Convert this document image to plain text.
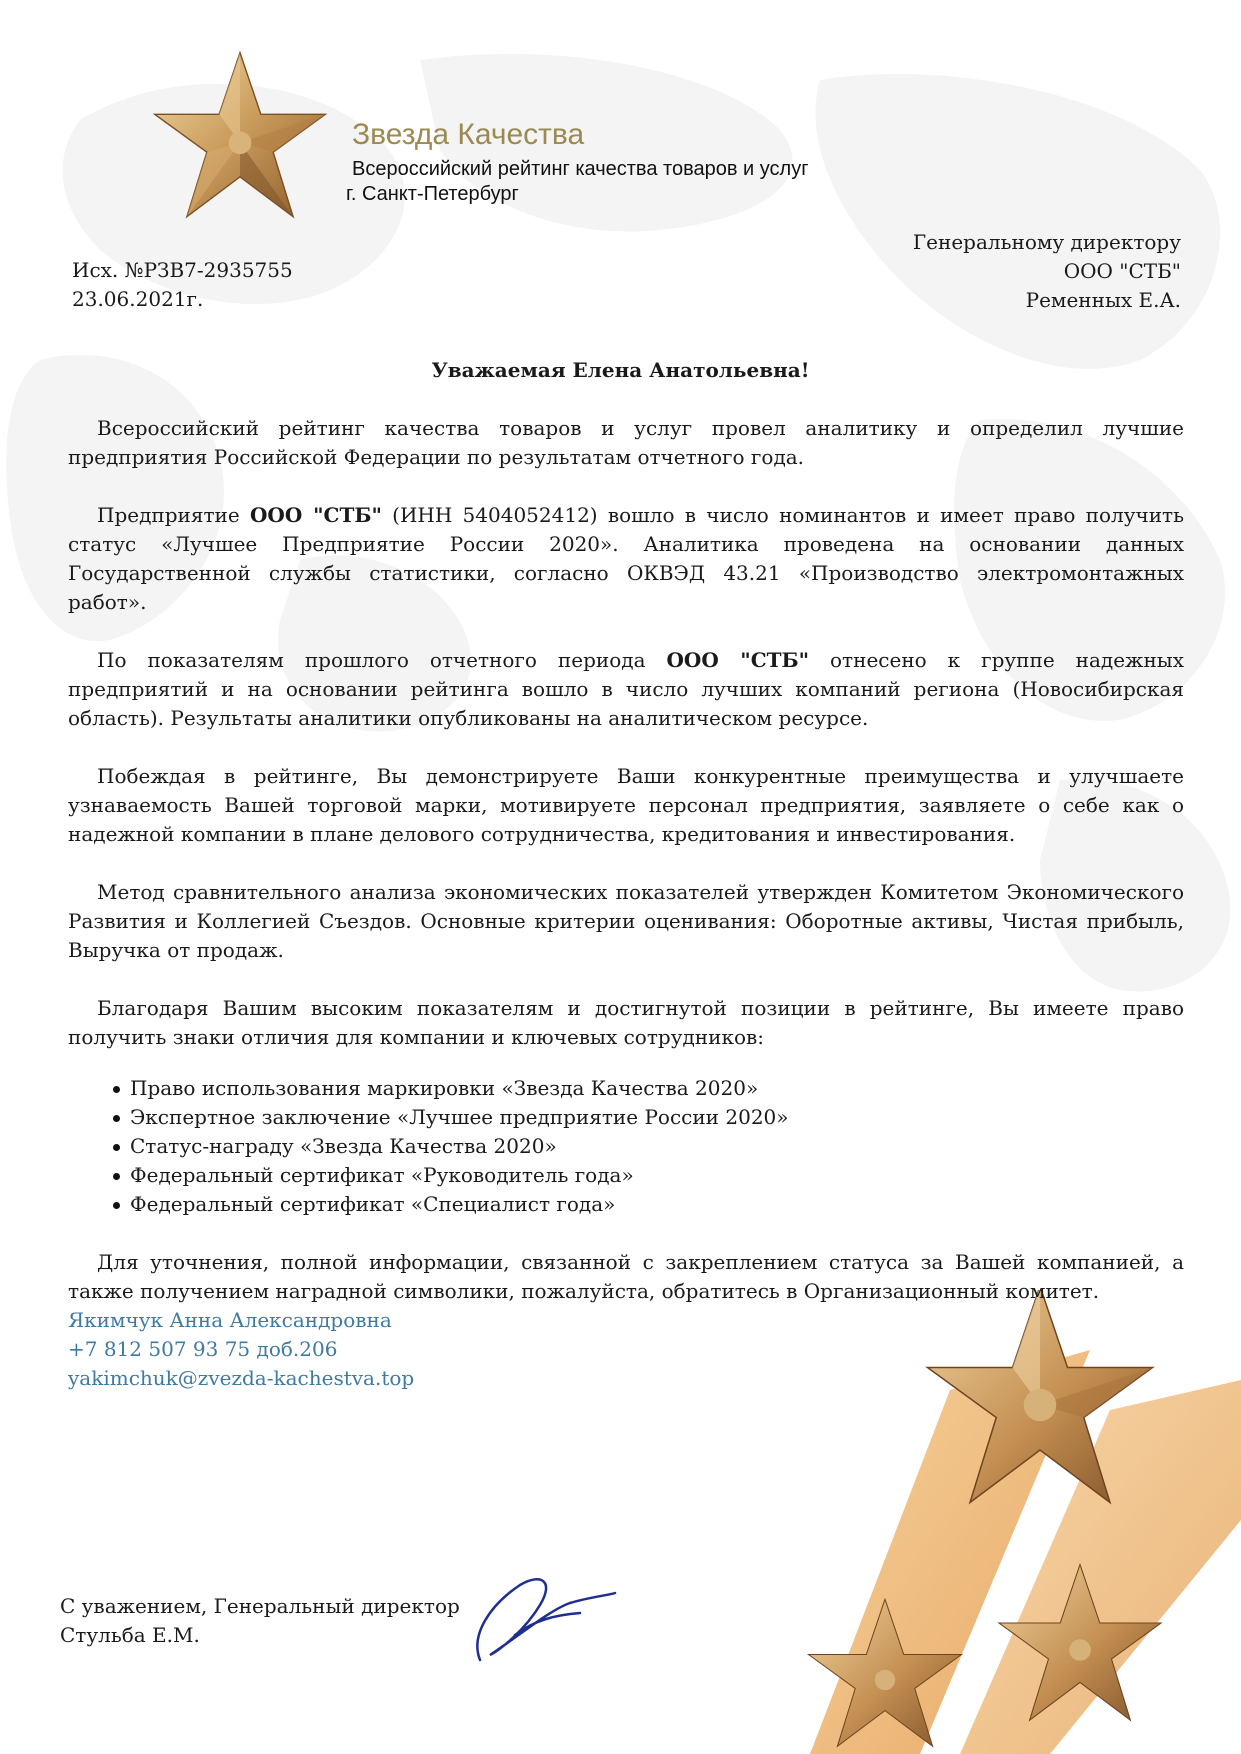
Звезда Качества
Всероссийский рейтинг качества товаров и услуг
г. Санкт-Петербург
Исх. №РЗВ7-2935755
23.06.2021г.
Генеральному директору
ООО "СТБ"
Ременных Е.А.
Уважаемая Елена Анатольевна!

Всероссийский рейтинг качества товаров и услуг провел аналитику и определил лучшие предприятия Российской Федерации по результатам отчетного года.

Предприятие ООО "СТБ" (ИНН 5404052412) вошло в число номинантов и имеет право получить статус «Лучшее Предприятие России 2020». Аналитика проведена на основании данных Государственной службы статистики, согласно ОКВЭД 43.21 «Производство электромонтажных работ».

По показателям прошлого отчетного периода ООО "СТБ" отнесено к группе надежных предприятий и на основании рейтинга вошло в число лучших компаний региона (Новосибирская область). Результаты аналитики опубликованы на аналитическом ресурсе.

Побеждая в рейтинге, Вы демонстрируете Ваши конкурентные преимущества и улучшаете узнаваемость Вашей торговой марки, мотивируете персонал предприятия, заявляете о себе как о надежной компании в плане делового сотрудничества, кредитования и инвестирования.

Метод сравнительного анализа экономических показателей утвержден Комитетом Экономического Развития и Коллегией Съездов. Основные критерии оценивания: Оборотные активы, Чистая прибыль, Выручка от продаж.

Благодаря Вашим высоким показателям и достигнутой позиции в рейтинге, Вы имеете право получить знаки отличия для компании и ключевых сотрудников:

Право использования маркировки «Звезда Качества 2020»
Экспертное заключение «Лучшее предприятие России 2020»
Статус-награду «Звезда Качества 2020»
Федеральный сертификат «Руководитель года»
Федеральный сертификат «Специалист года»

Для уточнения, полной информации, связанной с закреплением статуса за Вашей компанией, а также получением наградной символики, пожалуйста, обратитесь в Организационный комитет.

Якимчук Анна Александровна
+7 812 507 93 75 доб.206
yakimchuk@zvezda-kachestva.top
С уважением, Генеральный директор
Стульба Е.М.
